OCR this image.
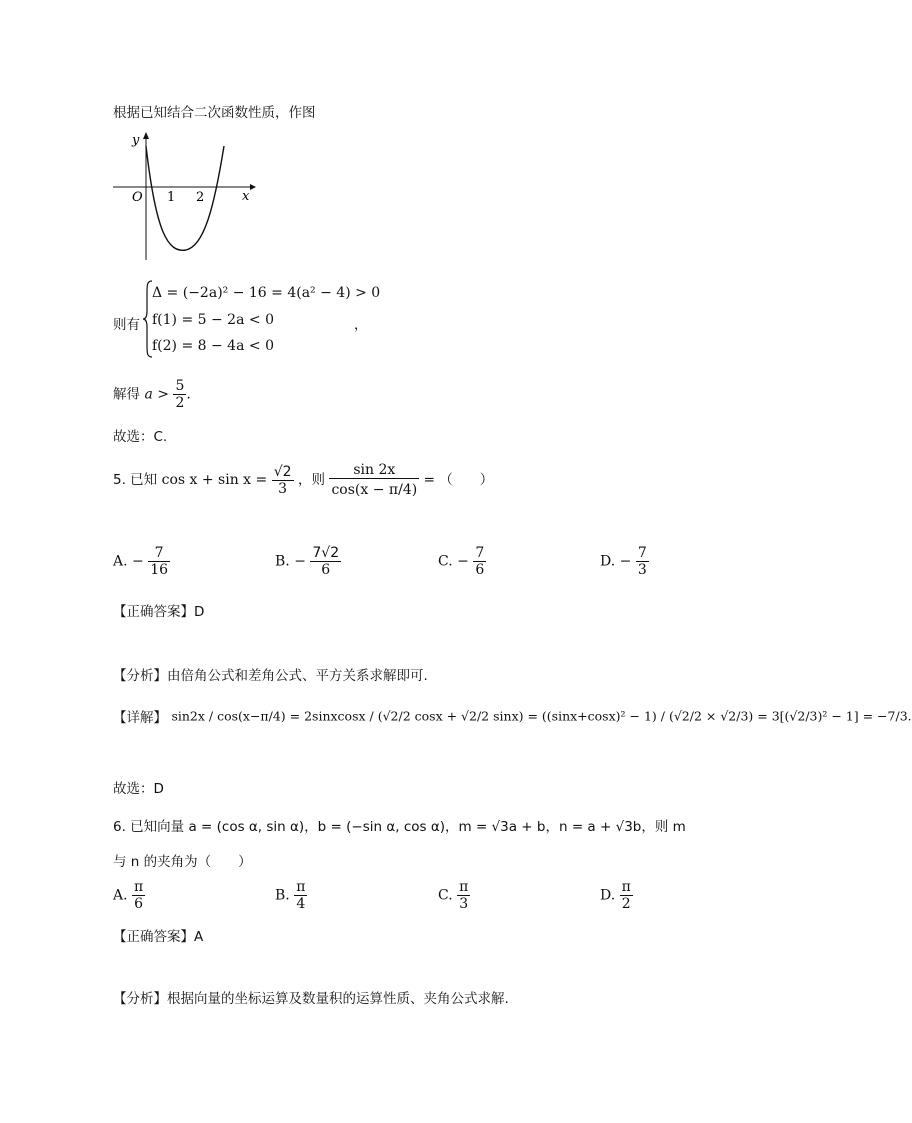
根据已知结合二次函数性质，作图
y
x
O 1 2
则有
Δ = (−2a)² − 16 = 4(a² − 4) > 0
f(1) = 5 − 2a < 0
f(2) = 8 − 4a < 0
，
解得 $a > \frac{5}{2}$ .
故选：C.
5. 已知 $\cos x + \sin x = \frac{√2}{3}$ ，则 $\frac{\sin 2x}{\cos(x - \pi/4)}$ = （　　）
A. − $\frac{7}{16}$	B. − $\frac{7√2}{6}$	C. − $\frac{7}{6}$	D. − $\frac{7}{3}$
【正确答案】D
【分析】由倍角公式和差角公式、平方关系求解即可.
【详解】 sin2x / cos(x−π/4) = 2sinxcosx / (√2/2 cosx + √2/2 sinx) = ((sinx+cosx)² − 1) / (√2/2 × √2/3) = 3[(√2/3)² − 1] = −7/3.
故选：D
6. 已知向量 a = (cos α, sin α)，b = (−sin α, cos α)，m = √3a + b，n = a + √3b，则 m
与 n 的夹角为（　　）
A. $\frac{\pi}{6}$	B. $\frac{\pi}{4}$	C. $\frac{\pi}{3}$	D. $\frac{\pi}{2}$
【正确答案】A
【分析】根据向量的坐标运算及数量积的运算性质、夹角公式求解.
